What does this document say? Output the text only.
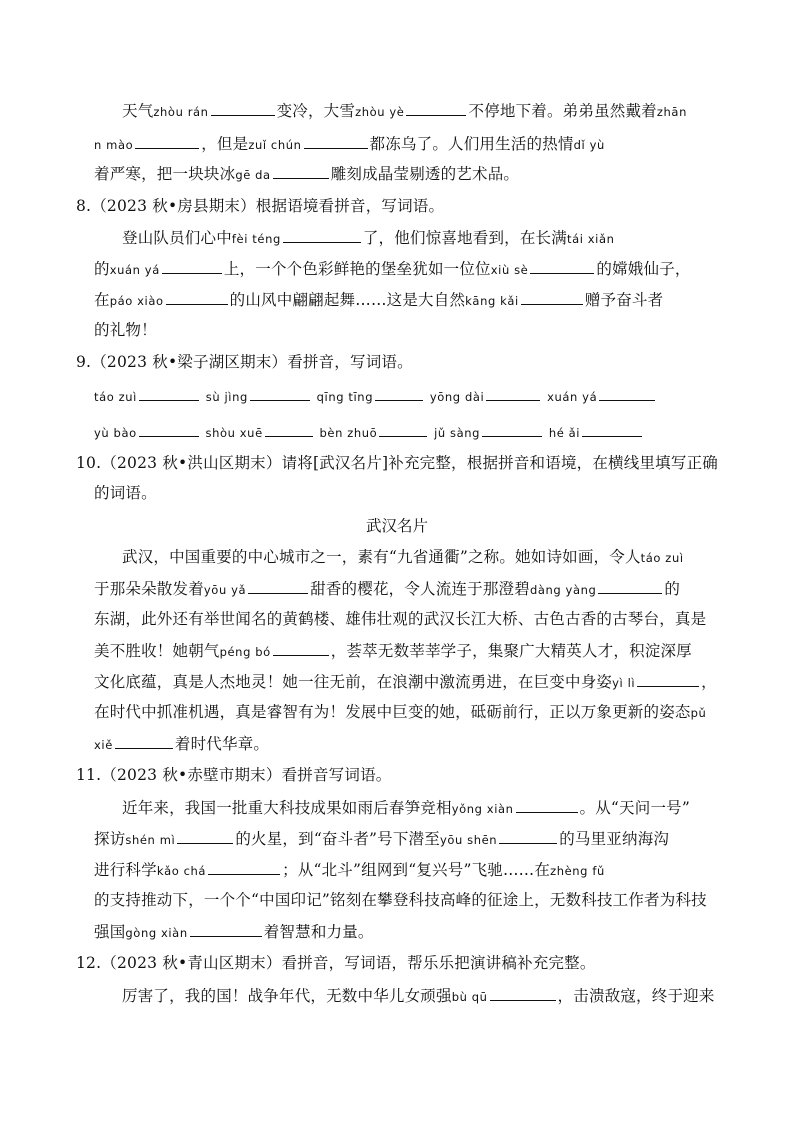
天气zhòu rán	变冷，大雪zhòu yè	不停地下着。弟弟虽然戴着zhān
n mào	，但是zuǐ chún	都冻乌了。人们用生活的热情dǐ yù
着严寒，把一块块冰gē da	雕刻成晶莹剔透的艺术品。
8.（2023 秋•房县期末）根据语境看拼音，写词语。
登山队员们心中fèi téng	了，他们惊喜地看到，在长满tái xiǎn
的xuán yá	上，一个个色彩鲜艳的堡垒犹如一位位xiù sè	的嫦娥仙子，
在páo xiào	的山风中翩翩起舞……这是大自然kāng kǎi	赠予奋斗者
的礼物！
9.（2023 秋•梁子湖区期末）看拼音，写词语。
táo zuì	sù jìng	qīng tīng	yōng dài	xuán yá
yù bào	shòu xuē	bèn zhuō	jǔ sàng	hé ǎi
10.（2023 秋•洪山区期末）请将[武汉名片]补充完整，根据拼音和语境，在横线里填写正确
的词语。
武汉名片
武汉，中国重要的中心城市之一，素有“九省通衢”之称。她如诗如画，令人táo zuì
于那朵朵散发着yōu yǎ	甜香的樱花，令人流连于那澄碧dàng yàng	的
东湖，此外还有举世闻名的黄鹤楼、雄伟壮观的武汉长江大桥、古色古香的古琴台，真是
美不胜收！她朝气péng bó	，荟萃无数莘莘学子，集聚广大精英人才，积淀深厚
文化底蕴，真是人杰地灵！她一往无前，在浪潮中激流勇进，在巨变中身姿yì lì	，
在时代中抓准机遇，真是睿智有为！发展中巨变的她，砥砺前行，正以万象更新的姿态pǔ
xiě	着时代华章。
11.（2023 秋•赤壁市期末）看拼音写词语。
近年来，我国一批重大科技成果如雨后春笋竞相yǒng xiàn	。从“天问一号”
探访shén mì	的火星，到“奋斗者”号下潜至yōu shēn	的马里亚纳海沟
进行科学kǎo chá	；从“北斗”组网到“复兴号”飞驰……在zhèng fǔ
的支持推动下，一个个“中国印记”铭刻在攀登科技高峰的征途上，无数科技工作者为科技
强国gòng xiàn	着智慧和力量。
12.（2023 秋•青山区期末）看拼音，写词语，帮乐乐把演讲稿补充完整。
厉害了，我的国！战争年代，无数中华儿女顽强bù qū	，击溃敌寇，终于迎来
